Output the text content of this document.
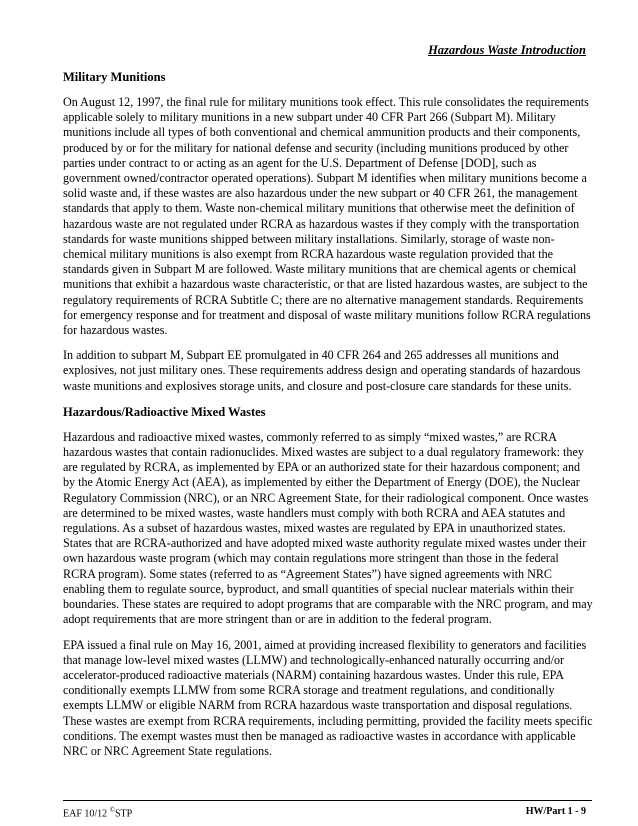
Hazardous Waste Introduction
Military Munitions

On August 12, 1997, the final rule for military munitions took effect. This rule consolidates the requirements applicable solely to military munitions in a new subpart under 40 CFR Part 266 (Subpart M). Military munitions include all types of both conventional and chemical ammunition products and their components, produced by or for the military for national defense and security (including munitions produced by other parties under contract to or acting as an agent for the U.S. Department of Defense [DOD], such as government owned/contractor operated operations). Subpart M identifies when military munitions become a solid waste and, if these wastes are also hazardous under the new subpart or 40 CFR 261, the management standards that apply to them. Waste non-chemical military munitions that otherwise meet the definition of hazardous waste are not regulated under RCRA as hazardous wastes if they comply with the transportation standards for waste munitions shipped between military installations. Similarly, storage of waste non-chemical military munitions is also exempt from RCRA hazardous waste regulation provided that the standards given in Subpart M are followed. Waste military munitions that are chemical agents or chemical munitions that exhibit a hazardous waste characteristic, or that are listed hazardous wastes, are subject to the regulatory requirements of RCRA Subtitle C; there are no alternative management standards. Requirements for emergency response and for treatment and disposal of waste military munitions follow RCRA regulations for hazardous wastes.

In addition to subpart M, Subpart EE promulgated in 40 CFR 264 and 265 addresses all munitions and explosives, not just military ones. These requirements address design and operating standards of hazardous waste munitions and explosives storage units, and closure and post-closure care standards for these units.

Hazardous/Radioactive Mixed Wastes

Hazardous and radioactive mixed wastes, commonly referred to as simply “mixed wastes,” are RCRA hazardous wastes that contain radionuclides. Mixed wastes are subject to a dual regulatory framework: they are regulated by RCRA, as implemented by EPA or an authorized state for their hazardous component; and by the Atomic Energy Act (AEA), as implemented by either the Department of Energy (DOE), the Nuclear Regulatory Commission (NRC), or an NRC Agreement State, for their radiological component. Once wastes are determined to be mixed wastes, waste handlers must comply with both RCRA and AEA statutes and regulations. As a subset of hazardous wastes, mixed wastes are regulated by EPA in unauthorized states. States that are RCRA-authorized and have adopted mixed waste authority regulate mixed wastes under their own hazardous waste program (which may contain regulations more stringent than those in the federal RCRA program). Some states (referred to as “Agreement States”) have signed agreements with NRC enabling them to regulate source, byproduct, and small quantities of special nuclear materials within their boundaries. These states are required to adopt programs that are comparable with the NRC program, and may adopt requirements that are more stringent than or are in addition to the federal program.

EPA issued a final rule on May 16, 2001, aimed at providing increased flexibility to generators and facilities that manage low-level mixed wastes (LLMW) and technologically-enhanced naturally occurring and/or accelerator-produced radioactive materials (NARM) containing hazardous wastes. Under this rule, EPA conditionally exempts LLMW from some RCRA storage and treatment regulations, and conditionally exempts LLMW or eligible NARM from RCRA hazardous waste transportation and disposal regulations. These wastes are exempt from RCRA requirements, including permitting, provided the facility meets specific conditions. The exempt wastes must then be managed as radioactive wastes in accordance with applicable NRC or NRC Agreement State regulations.

EAF 10/12 ©STP	HW/Part 1 - 9
